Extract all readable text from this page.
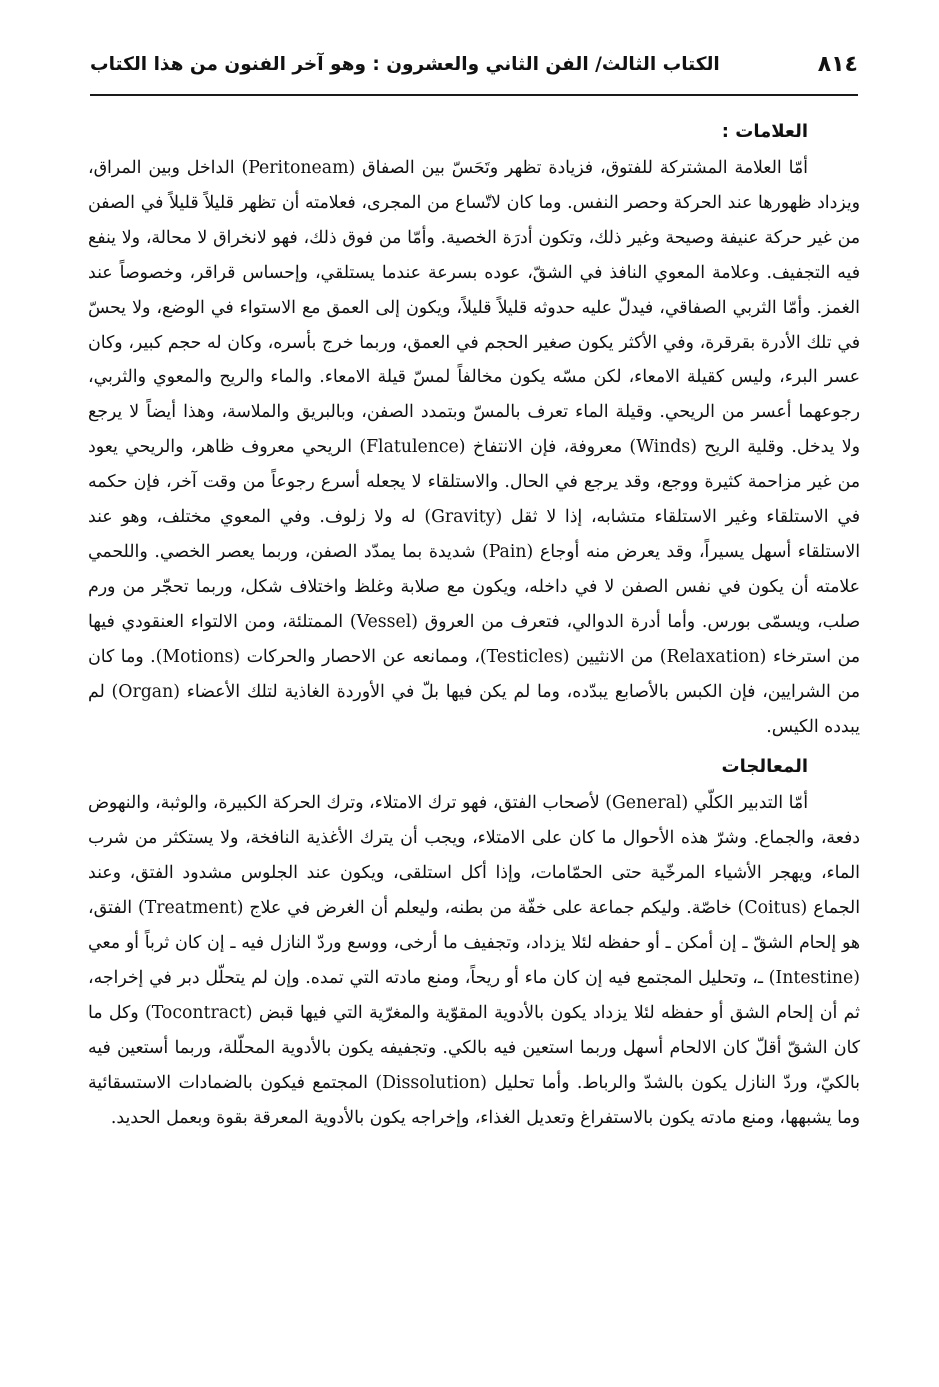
٨١٤
الكتاب الثالث/ الفن الثاني والعشرون : وهو آخر الفنون من هذا الكتاب
العلامات :

أمّا العلامة المشتركة للفتوق، فزيادة تظهر وتَحَسّ بين الصفاق (Peritoneam) الداخل وبين المراق، ويزداد ظهورها عند الحركة وحصر النفس. وما كان لاتّساع من المجرى، فعلامته أن تظهر قليلاً قليلاً في الصفن من غير حركة عنيفة وصيحة وغير ذلك، وتكون أدرَة الخصية. وأمّا من فوق ذلك، فهو لانخراق لا محالة، ولا ينفع فيه التجفيف. وعلامة المعوي النافذ في الشقّ، عوده بسرعة عندما يستلقي، وإحساس قراقر، وخصوصاً عند الغمز. وأمّا الثربي الصفاقي، فيدلّ عليه حدوثه قليلاً قليلاً، ويكون إلى العمق مع الاستواء في الوضع، ولا يحسّ في تلك الأدرة بقرقرة، وفي الأكثر يكون صغير الحجم في العمق، وربما خرج بأسره، وكان له حجم كبير، وكان عسر البرء، وليس كقيلة الامعاء، لكن مسّه يكون مخالفاً لمسّ قيلة الامعاء. والماء والريح والمعوي والثربي، رجوعهما أعسر من الريحي. وقيلة الماء تعرف بالمسّ وبتمدد الصفن، وبالبريق والملاسة، وهذا أيضاً لا يرجع ولا يدخل. وقلية الريح (Winds) معروفة، فإن الانتفاخ (Flatulence) الريحي معروف ظاهر، والريحي يعود من غير مزاحمة كثيرة ووجع، وقد يرجع في الحال. والاستلقاء لا يجعله أسرع رجوعاً من وقت آخر، فإن حكمه في الاستلقاء وغير الاستلقاء متشابه، إذا لا ثقل (Gravity) له ولا زلوف. وفي المعوي مختلف، وهو عند الاستلقاء أسهل يسيراً، وقد يعرض منه أوجاع (Pain) شديدة بما يمدّد الصفن، وربما يعصر الخصي. واللحمي علامته أن يكون في نفس الصفن لا في داخله، ويكون مع صلابة وغلظ واختلاف شكل، وربما تحجّر من ورم صلب، ويسمّى بورس. وأما أدرة الدوالي، فتعرف من العروق (Vessel) الممتلئة، ومن الالتواء العنقودي فيها من استرخاء (Relaxation) من الانثيين (Testicles)، وممانعه عن الاحصار والحركات (Motions). وما كان من الشرايين، فإن الكبس بالأصابع يبدّده، وما لم يكن فيها بلّ في الأوردة الغاذية لتلك الأعضاء (Organ) لم يبدده الكيس.

المعالجات

أمّا التدبير الكلّي (General) لأصحاب الفتق، فهو ترك الامتلاء، وترك الحركة الكبيرة، والوثبة، والنهوض دفعة، والجماع. وشرّ هذه الأحوال ما كان على الامتلاء، ويجب أن يترك الأغذية النافخة، ولا يستكثر من شرب الماء، ويهجر الأشياء المرخّية حتى الحمّامات، وإذا أكل استلقى، ويكون عند الجلوس مشدود الفتق، وعند الجماع (Coitus) خاصّة. وليكم جماعة على خفّة من بطنه، وليعلم أن الغرض في علاج (Treatment) الفتق، هو إلحام الشقّ ـ إن أمكن ـ أو حفظه لئلا يزداد، وتجفيف ما أرخى، ووسع وردّ النازل فيه ـ إن كان ثرباً أو معي (Intestine) ـ، وتحليل المجتمع فيه إن كان ماء أو ريحاً، ومنع مادته التي تمده. وإن لم يتحلّل دبر في إخراجه، ثم أن إلحام الشق أو حفظه لئلا يزداد يكون بالأدوية المقوّية والمغرّية التي فيها قبض (Tocontract) وكل ما كان الشقّ أقلّ كان الالحام أسهل وربما استعين فيه بالكي. وتجفيفه يكون بالأدوية المحلّلة، وربما أستعين فيه بالكيّ، وردّ النازل يكون بالشدّ والرباط. وأما تحليل (Dissolution) المجتمع فيكون بالضمادات الاستسقائية وما يشبهها، ومنع مادته يكون بالاستفراغ وتعديل الغذاء، وإخراجه يكون بالأدوية المعرقة بقوة وبعمل الحديد.
